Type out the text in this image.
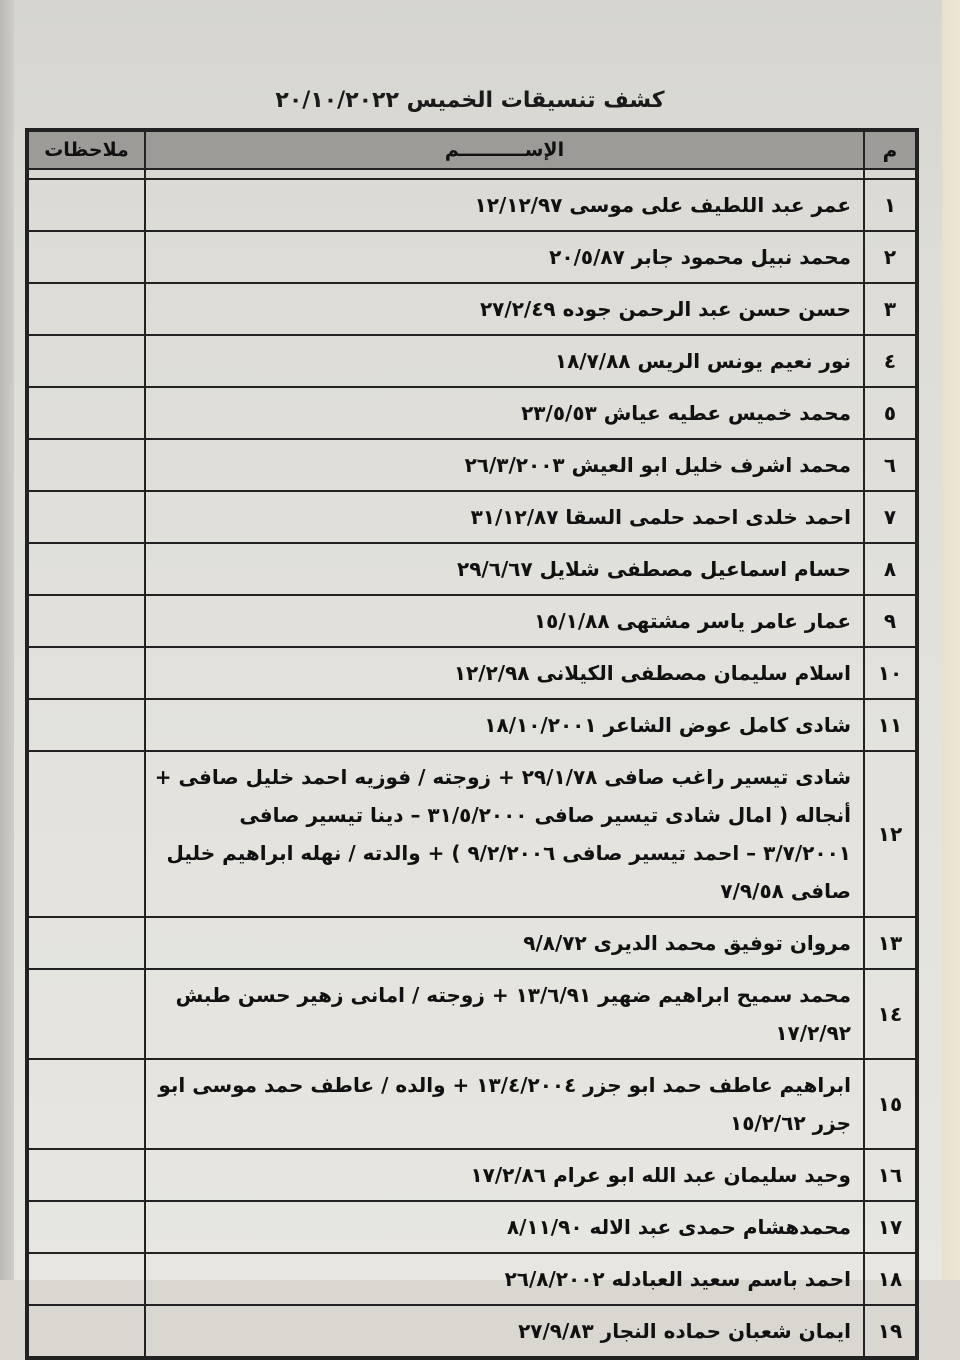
كشف تنسيقات الخميس ٢٠/١٠/٢٠٢٢
م	الإســــــــــم	ملاحظات

١	عمر عبد اللطيف على موسى ١٢/١٢/٩٧	
٢	محمد نبيل محمود جابر ٢٠/٥/٨٧	
٣	حسن حسن عبد الرحمن جوده ٢٧/٢/٤٩	
٤	نور نعيم يونس الريس ١٨/٧/٨٨	
٥	محمد خميس عطيه عياش ٢٣/٥/٥٣	
٦	محمد اشرف خليل ابو العيش ٢٦/٣/٢٠٠٣	
٧	احمد خلدى احمد حلمى السقا ٣١/١٢/٨٧	
٨	حسام اسماعيل مصطفى شلايل ٢٩/٦/٦٧	
٩	عمار عامر ياسر مشتهى ١٥/١/٨٨	
١٠	اسلام سليمان مصطفى الكيلانى ١٢/٢/٩٨	
١١	شادى كامل عوض الشاعر ١٨/١٠/٢٠٠١	
١٢	شادى تيسير راغب صافى ٢٩/١/٧٨ + زوجته / فوزيه احمد خليل صافى + أنجاله ( امال شادى تيسير صافى ٣١/٥/٢٠٠٠ – دينا تيسير صافى ٣/٧/٢٠٠١ – احمد تيسير صافى ٩/٢/٢٠٠٦ ) + والدته / نهله ابراهيم خليل صافى ٧/٩/٥٨	
١٣	مروان توفيق محمد الديرى ٩/٨/٧٢	
١٤	محمد سميح ابراهيم ضهير ١٣/٦/٩١ + زوجته / امانى زهير حسن طبش ١٧/٢/٩٢	
١٥	ابراهيم عاطف حمد ابو جزر ١٣/٤/٢٠٠٤ + والده / عاطف حمد موسى ابو جزر ١٥/٢/٦٢	
١٦	وحيد سليمان عبد الله ابو عرام ١٧/٢/٨٦	
١٧	محمدهشام حمدى عبد الاله ٨/١١/٩٠	
١٨	احمد باسم سعيد العبادله ٢٦/٨/٢٠٠٢	
١٩	ايمان شعبان حماده النجار ٢٧/٩/٨٣	
